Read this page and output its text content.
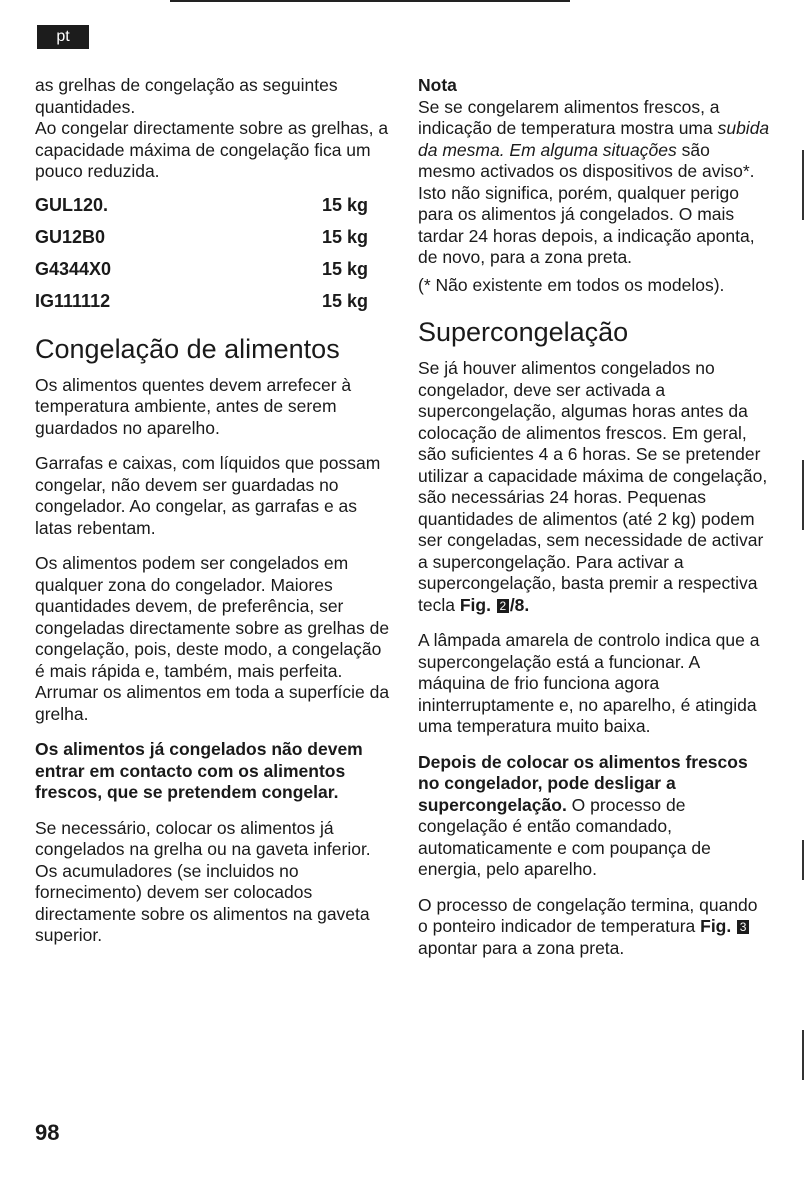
pt

as grelhas de congelação as seguintes quantidades.
Ao congelar directamente sobre as grelhas, a capacidade máxima de congelação fica um pouco reduzida.

GUL120.	15 kg
GU12B0	15 kg
G4344X0	15 kg
IG111112	15 kg
Congelação de alimentos

Os alimentos quentes devem arrefecer à temperatura ambiente, antes de serem guardados no aparelho.

Garrafas e caixas, com líquidos que possam congelar, não devem ser guardadas no congelador. Ao congelar, as garrafas e as latas rebentam.

Os alimentos podem ser congelados em qualquer zona do congelador. Maiores quantidades devem, de preferência, ser congeladas directamente sobre as grelhas de congelação, pois, deste modo, a congelação é mais rápida e, também, mais perfeita. Arrumar os alimentos em toda a superfície da grelha.

Os alimentos já congelados não devem entrar em contacto com os alimentos frescos, que se pretendem congelar.

Se necessário, colocar os alimentos já congelados na grelha ou na gaveta inferior. Os acumuladores (se incluidos no fornecimento) devem ser colocados directamente sobre os alimentos na gaveta superior.

Nota

Se se congelarem alimentos frescos, a indicação de temperatura mostra uma subida da mesma. Em alguma situações são mesmo activados os dispositivos de aviso*. Isto não significa, porém, qualquer perigo para os alimentos já congelados. O mais tardar 24 horas depois, a indicação aponta, de novo, para a zona preta.

(* Não existente em todos os modelos).

Supercongelação

Se já houver alimentos congelados no congelador, deve ser activada a supercongelação, algumas horas antes da colocação de alimentos frescos. Em geral, são suficientes 4 a 6 horas. Se se pretender utilizar a capacidade máxima de congelação, são necessárias 24 horas. Pequenas quantidades de alimentos (até 2 kg) podem ser congeladas, sem necessidade de activar a supercongelação. Para activar a supercongelação, basta premir a respectiva tecla Fig. 2 /8.

A lâmpada amarela de controlo indica que a supercongelação está a funcionar. A máquina de frio funciona agora ininterruptamente e, no aparelho, é atingida uma temperatura muito baixa.

Depois de colocar os alimentos frescos no congelador, pode desligar a supercongelação. O processo de congelação é então comandado, automaticamente e com poupança de energia, pelo aparelho.

O processo de congelação termina, quando o ponteiro indicador de temperatura Fig. 3 apontar para a zona preta.

98
